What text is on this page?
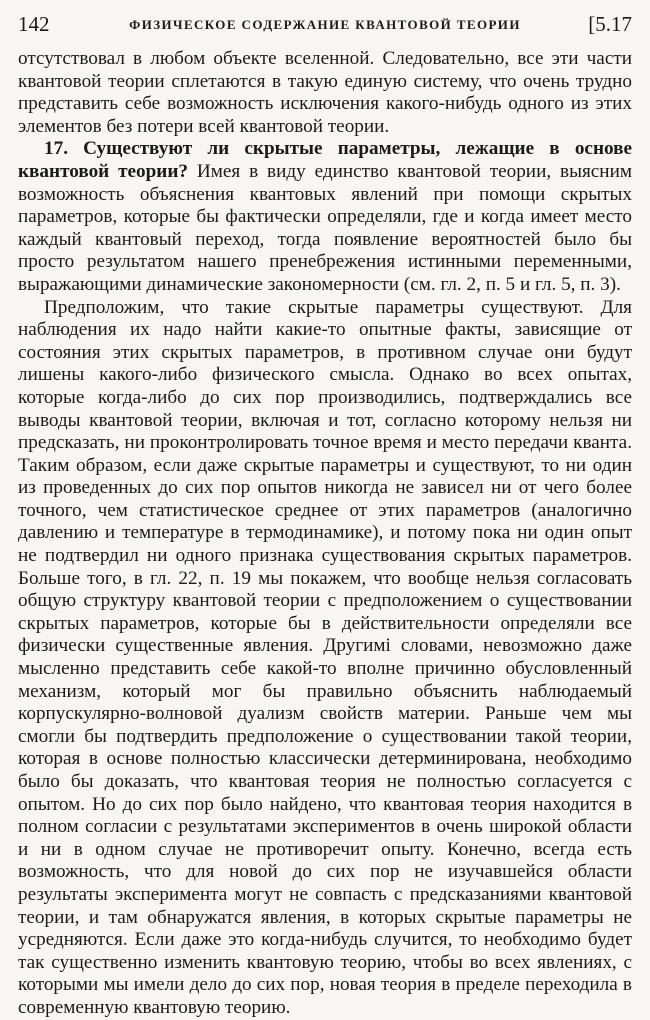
142	ФИЗИЧЕСКОЕ СОДЕРЖАНИЕ КВАНТОВОЙ ТЕОРИИ	[5.17

отсутствовал в любом объекте вселенной. Следовательно, все эти части квантовой теории сплетаются в такую единую систему, что очень трудно представить себе возможность исключения какого-нибудь одного из этих элементов без потери всей квантовой теории.

17. Существуют ли скрытые параметры, лежащие в основе квантовой теории? Имея в виду единство квантовой теории, выясним возможность объяснения квантовых явлений при помощи скрытых параметров, которые бы фактически определяли, где и когда имеет место каждый квантовый переход, тогда появление вероятностей было бы просто результатом нашего пренебрежения истинными переменными, выражающими динамические закономерности (см. гл. 2, п. 5 и гл. 5, п. 3).

Предположим, что такие скрытые параметры существуют. Для наблюдения их надо найти какие-то опытные факты, зависящие от состояния этих скрытых параметров, в противном случае они будут лишены какого-либо физического смысла. Однако во всех опытах, которые когда-либо до сих пор производились, подтверждались все выводы квантовой теории, включая и тот, согласно которому нельзя ни предсказать, ни проконтролировать точное время и место передачи кванта. Таким образом, если даже скрытые параметры и существуют, то ни один из проведенных до сих пор опытов никогда не зависел ни от чего более точного, чем статистическое среднее от этих параметров (аналогично давлению и температуре в термодинамике), и потому пока ни один опыт не подтвердил ни одного признака существования скрытых параметров. Больше того, в гл. 22, п. 19 мы покажем, что вообще нельзя согласовать общую структуру квантовой теории с предположением о существовании скрытых параметров, которые бы в действительности определяли все физически существенные явления. Другимі словами, невозможно даже мысленно представить себе какой-то вполне причинно обусловленный механизм, который мог бы правильно объяснить наблюдаемый корпускулярно-волновой дуализм свойств материи. Раньше чем мы смогли бы подтвердить предположение о существовании такой теории, которая в основе полностью классически детерминирована, необходимо было бы доказать, что квантовая теория не полностью согласуется с опытом. Но до сих пор было найдено, что квантовая теория находится в полном согласии с результатами экспериментов в очень широкой области и ни в одном случае не противоречит опыту. Конечно, всегда есть возможность, что для новой до сих пор не изучавшейся области результаты эксперимента могут не совпасть с предсказаниями квантовой теории, и там обнаружатся явления, в которых скрытые параметры не усредняются. Если даже это когда-нибудь случится, то необходимо будет так существенно изменить квантовую теорию, чтобы во всех явлениях, с которыми мы имели дело до сих пор, новая теория в пределе переходила в современную квантовую теорию.
